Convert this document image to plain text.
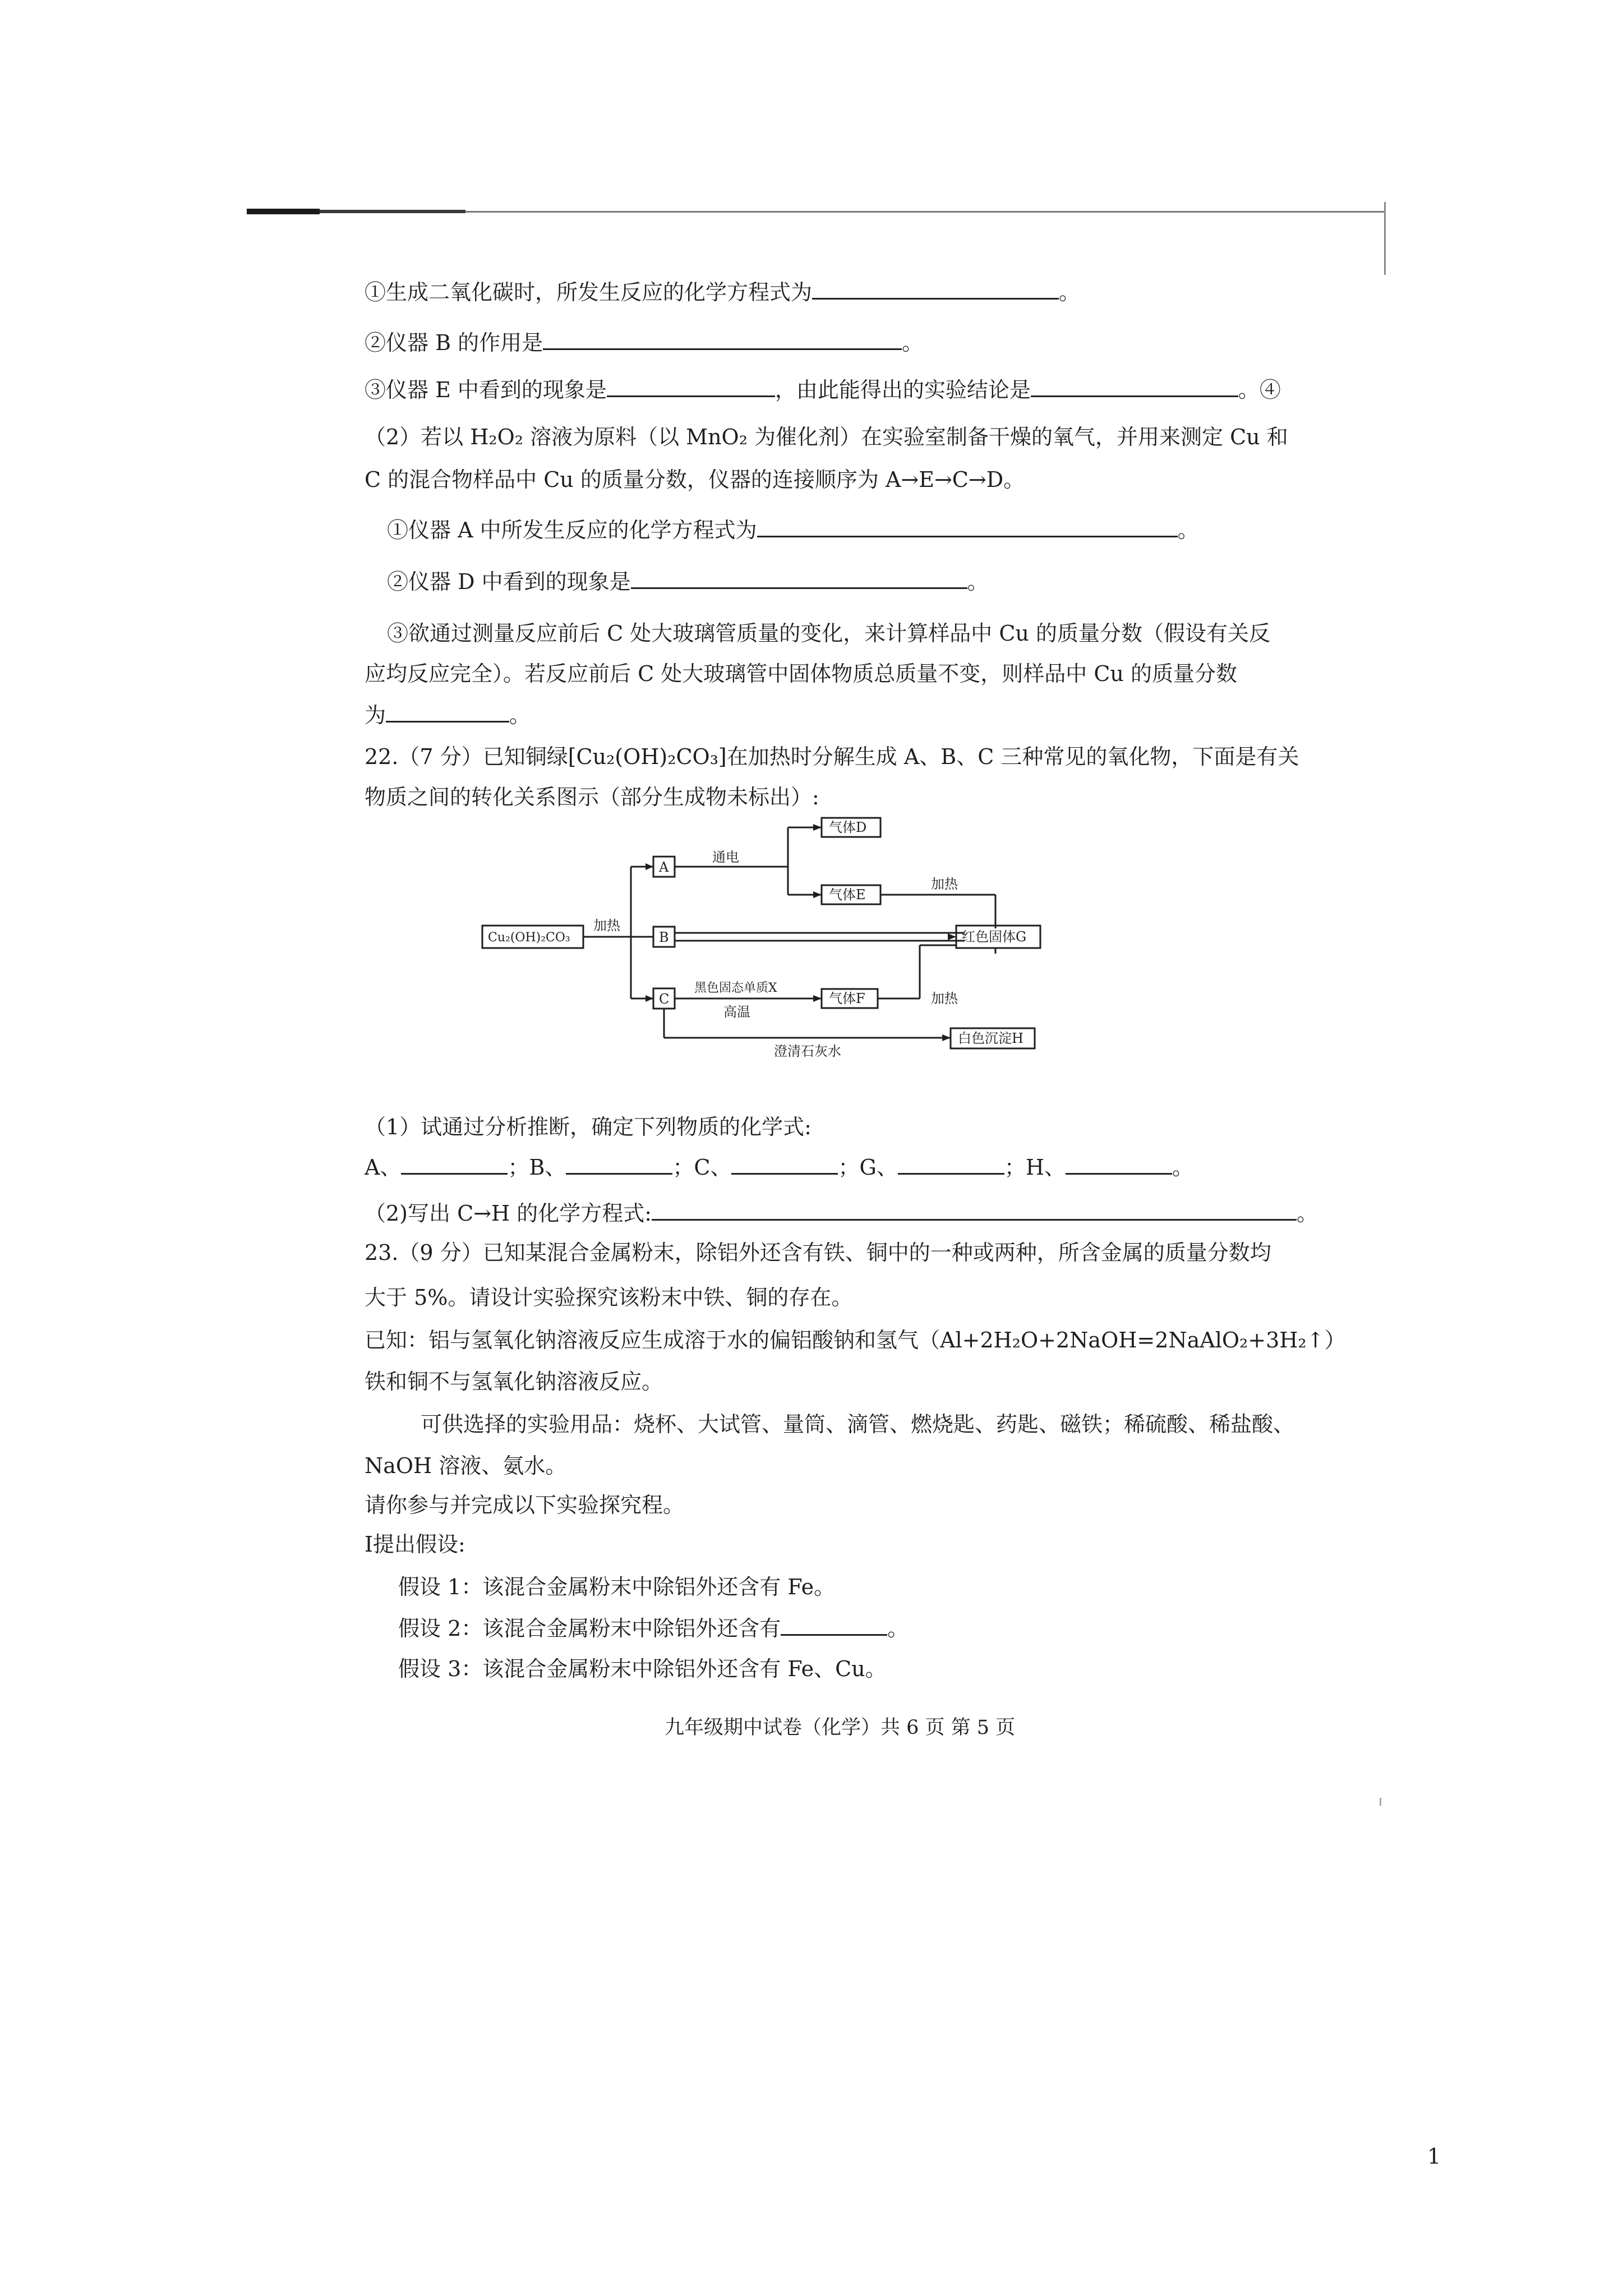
①生成二氧化碳时，所发生反应的化学方程式为	。
②仪器 B 的作用是	。
③仪器 E 中看到的现象是	，由此能得出的实验结论是	。④
（2）若以 H₂O₂ 溶液为原料（以 MnO₂ 为催化剂）在实验室制备干燥的氧气，并用来测定 Cu 和
C 的混合物样品中 Cu 的质量分数，仪器的连接顺序为 A→E→C→D。
①仪器 A 中所发生反应的化学方程式为	。
②仪器 D 中看到的现象是	。
③欲通过测量反应前后 C 处大玻璃管质量的变化，来计算样品中 Cu 的质量分数（假设有关反
应均反应完全）。若反应前后 C 处大玻璃管中固体物质总质量不变，则样品中 Cu 的质量分数
为	。
22.（7 分）已知铜绿[Cu₂(OH)₂CO₃]在加热时分解生成 A、B、C 三种常见的氧化物，下面是有关
物质之间的转化关系图示（部分生成物未标出）:
Cu₂(OH)₂CO₃
加热
A
B
C
通电
气体D
气体E
加热
红色固体G
黑色固态单质X
高温
气体F	加热
澄清石灰水
白色沉淀H
（1）试通过分析推断，确定下列物质的化学式:
A、	；B、	；C、	；G、	；H、	。
（2)写出 C→H 的化学方程式:	。
23.（9 分）已知某混合金属粉末，除铝外还含有铁、铜中的一种或两种，所含金属的质量分数均
大于 5%。请设计实验探究该粉末中铁、铜的存在。
已知：铝与氢氧化钠溶液反应生成溶于水的偏铝酸钠和氢气（Al+2H₂O+2NaOH=2NaAlO₂+3H₂↑）
铁和铜不与氢氧化钠溶液反应。
可供选择的实验用品：烧杯、大试管、量筒、滴管、燃烧匙、药匙、磁铁；稀硫酸、稀盐酸、
NaOH 溶液、氨水。
请你参与并完成以下实验探究程。
Ⅰ提出假设:
假设 1：该混合金属粉末中除铝外还含有 Fe。
假设 2：该混合金属粉末中除铝外还含有	。
假设 3：该混合金属粉末中除铝外还含有 Fe、Cu。
九年级期中试卷（化学）共 6 页 第 5 页
1
